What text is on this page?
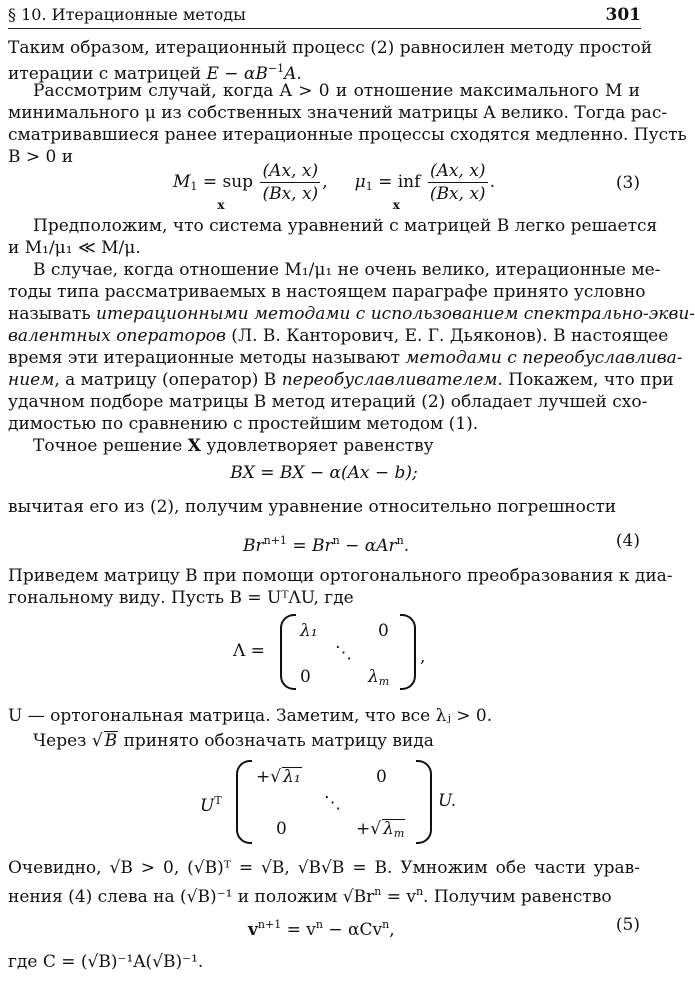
§ 10. Итерационные методы	301
Таким образом, итерационный процесс (2) равносилен методу простой
итерации с матрицей $E - \alpha B^{-1}A$.
Рассмотрим случай, когда A > 0 и отношение максимального M и
минимального μ из собственных значений матрицы A велико. Тогда рас-
сматривавшиеся ранее итерационные процессы сходятся медленно. Пусть
B > 0 и
$M_1$ = sup
x
$\frac{(Ax, x)}{(Bx, x)}$ , $\mu_1$ = inf
x
$\frac{(Ax, x)}{(Bx, x)}$ .	(3)
Предположим, что система уравнений с матрицей B легко решается
и M₁/μ₁ ≪ M/μ.
В случае, когда отношение M₁/μ₁ не очень велико, итерационные ме-
тоды типа рассматриваемых в настоящем параграфе принято условно
называть итерационными методами с использованием спектрально-экви-
валентных операторов (Л. В. Канторович, Е. Г. Дьяконов). В настоящее
время эти итерационные методы называют методами с переобуславлива-
нием, а матрицу (оператор) B переобуславливателем. Покажем, что при
удачном подборе матрицы B метод итераций (2) обладает лучшей схо-
димостью по сравнению с простейшим методом (1).
Точное решение X удовлетворяет равенству
BX = BX − α(Ax − b);
вычитая его из (2), получим уравнение относительно погрешности
$Br^{n+1} = Br^n - \alpha Ar^n$.	(4)
Приведем матрицу B при помощи ортогонального преобразования к диа-
гональному виду. Пусть B = UᵀΛU, где
Λ =
λ₁	0
⋱
0	$\lambda_m$
,
U — ортогональная матрица. Заметим, что все λⱼ > 0.
Через √ B принято обозначать матрицу вида
$U^T$
+√ λ₁	0
⋱
0	+√ $\lambda_m$
U.
Очевидно, √B > 0, (√B)ᵀ = √B, √B√B = B. Умножим обе части урав-
нения (4) слева на (√B)⁻¹ и положим $√Br^n = v^n$. Получим равенство
$v^{n+1} = v^n - \alpha Cv^n$,	(5)
где C = (√B)⁻¹A(√B)⁻¹.
